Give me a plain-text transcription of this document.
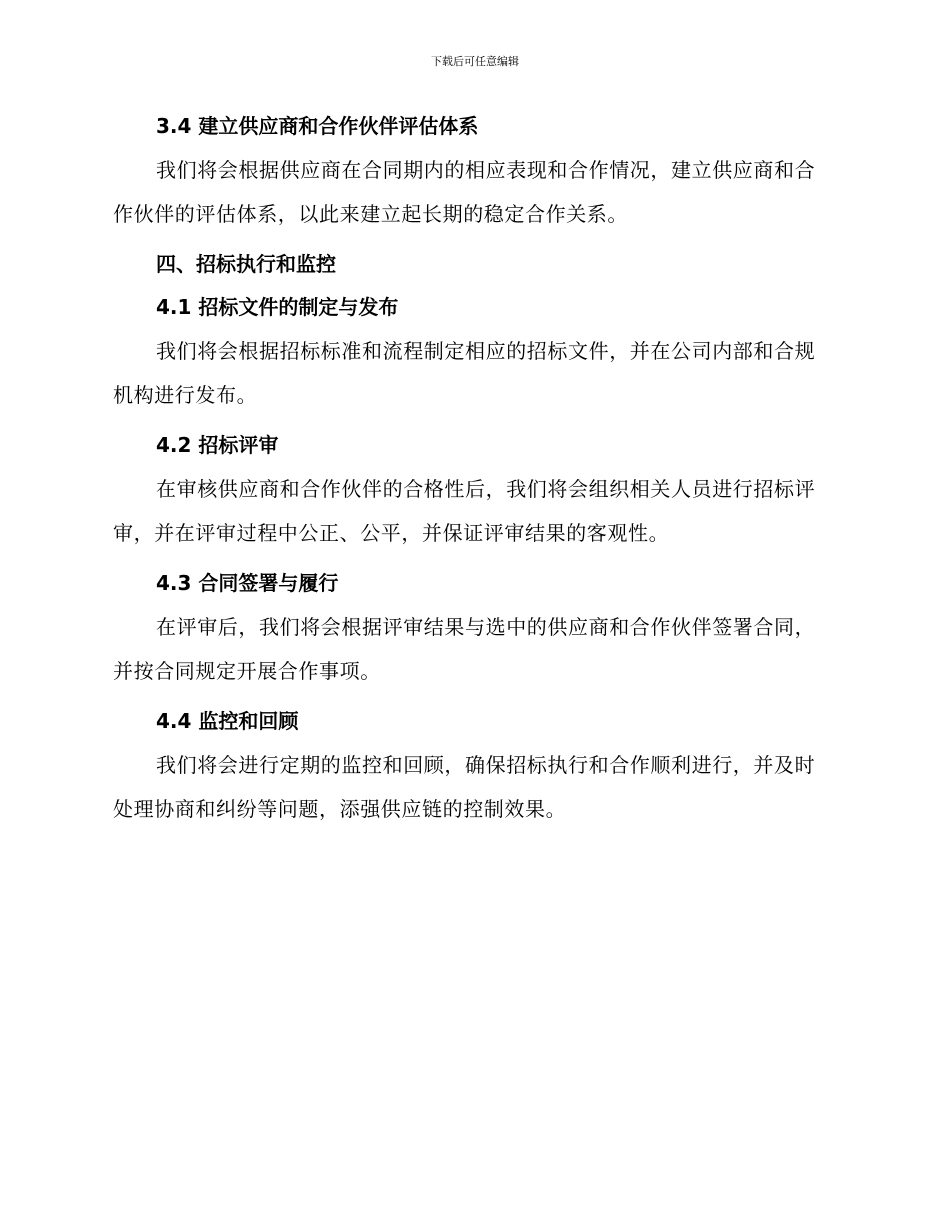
下载后可任意编辑
3.4 建立供应商和合作伙伴评估体系
我们将会根据供应商在合同期内的相应表现和合作情况，建立供应商和合作伙伴的评估体系，以此来建立起长期的稳定合作关系。
四、招标执行和监控
4.1 招标文件的制定与发布
我们将会根据招标标准和流程制定相应的招标文件，并在公司内部和合规机构进行发布。
4.2 招标评审
在审核供应商和合作伙伴的合格性后，我们将会组织相关人员进行招标评审，并在评审过程中公正、公平，并保证评审结果的客观性。
4.3 合同签署与履行
在评审后，我们将会根据评审结果与选中的供应商和合作伙伴签署合同，并按合同规定开展合作事项。
4.4 监控和回顾
我们将会进行定期的监控和回顾，确保招标执行和合作顺利进行，并及时处理协商和纠纷等问题，添强供应链的控制效果。
